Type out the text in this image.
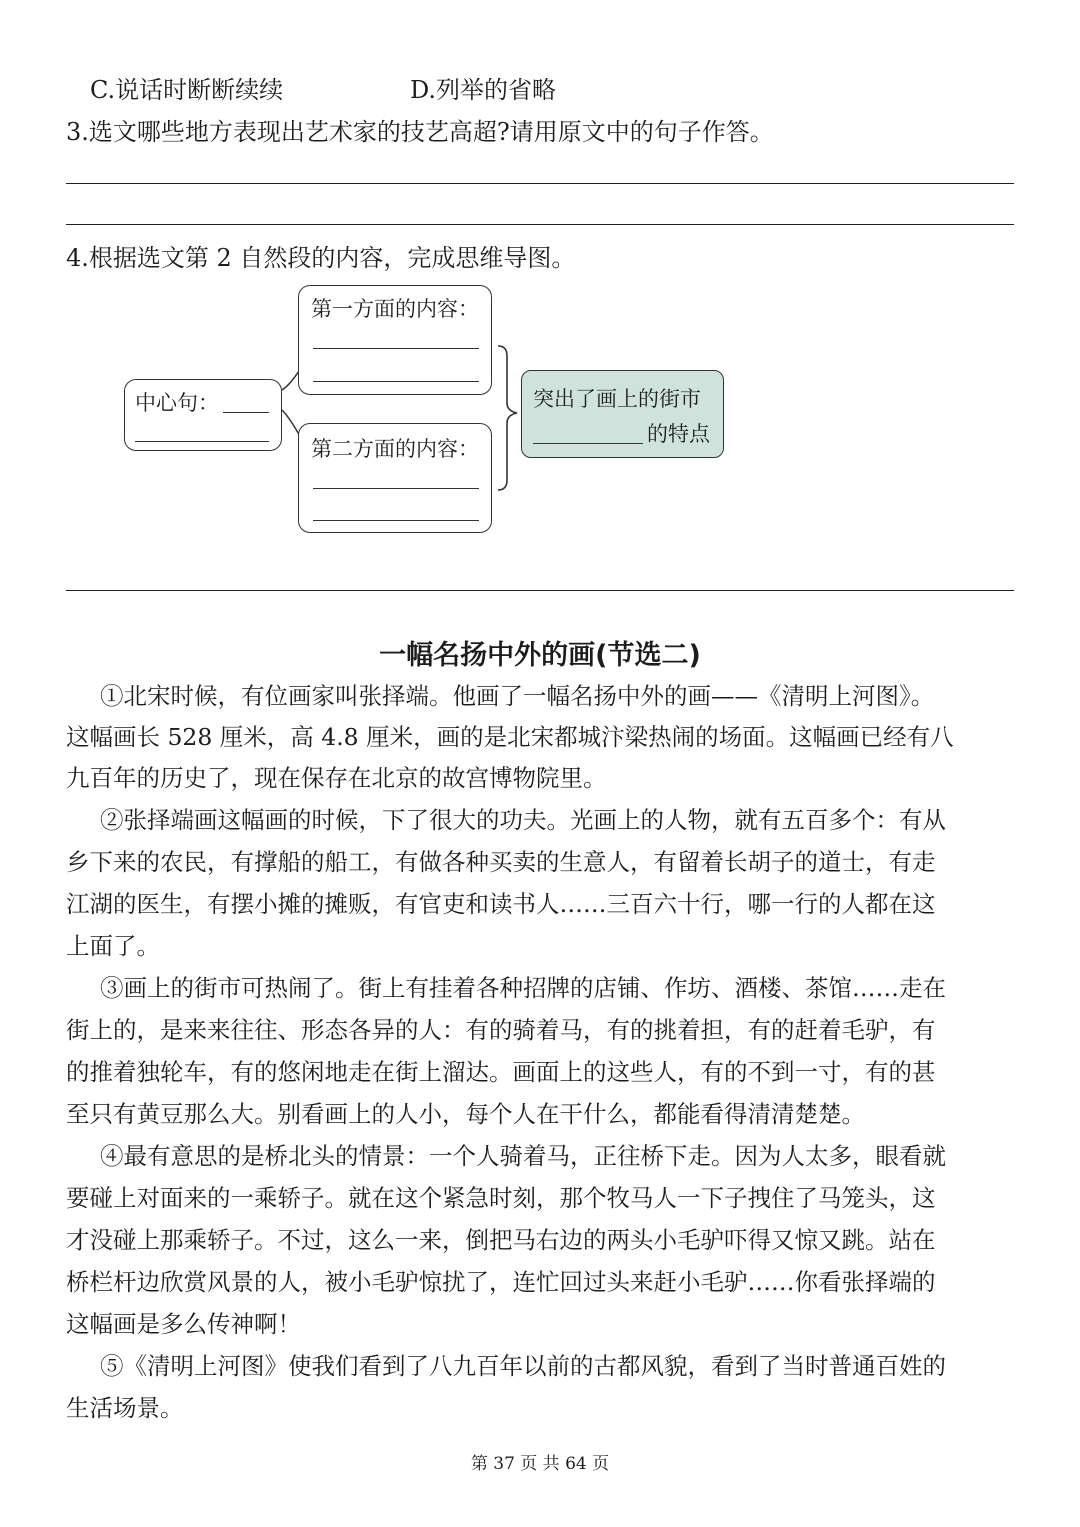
C.说话时断断续续	D.列举的省略
3.选文哪些地方表现出艺术家的技艺高超?请用原文中的句子作答。
4.根据选文第 2 自然段的内容，完成思维导图。
中心句：
第一方面的内容：
第二方面的内容：
突出了画上的街市
的特点
一幅名扬中外的画(节选二)
①北宋时候，有位画家叫张择端。他画了一幅名扬中外的画——《清明上河图》。
这幅画长 528 厘米，高 4.8 厘米，画的是北宋都城汴梁热闹的场面。这幅画已经有八
九百年的历史了，现在保存在北京的故宫博物院里。
②张择端画这幅画的时候，下了很大的功夫。光画上的人物，就有五百多个：有从
乡下来的农民，有撑船的船工，有做各种买卖的生意人，有留着长胡子的道士，有走
江湖的医生，有摆小摊的摊贩，有官吏和读书人……三百六十行，哪一行的人都在这
上面了。
③画上的街市可热闹了。街上有挂着各种招牌的店铺、作坊、酒楼、茶馆……走在
街上的，是来来往往、形态各异的人：有的骑着马，有的挑着担，有的赶着毛驴，有
的推着独轮车，有的悠闲地走在街上溜达。画面上的这些人，有的不到一寸，有的甚
至只有黄豆那么大。别看画上的人小，每个人在干什么，都能看得清清楚楚。
④最有意思的是桥北头的情景：一个人骑着马，正往桥下走。因为人太多，眼看就
要碰上对面来的一乘轿子。就在这个紧急时刻，那个牧马人一下子拽住了马笼头，这
才没碰上那乘轿子。不过，这么一来，倒把马右边的两头小毛驴吓得又惊又跳。站在
桥栏杆边欣赏风景的人，被小毛驴惊扰了，连忙回过头来赶小毛驴……你看张择端的
这幅画是多么传神啊！
⑤《清明上河图》使我们看到了八九百年以前的古都风貌，看到了当时普通百姓的
生活场景。
第 37 页 共 64 页
